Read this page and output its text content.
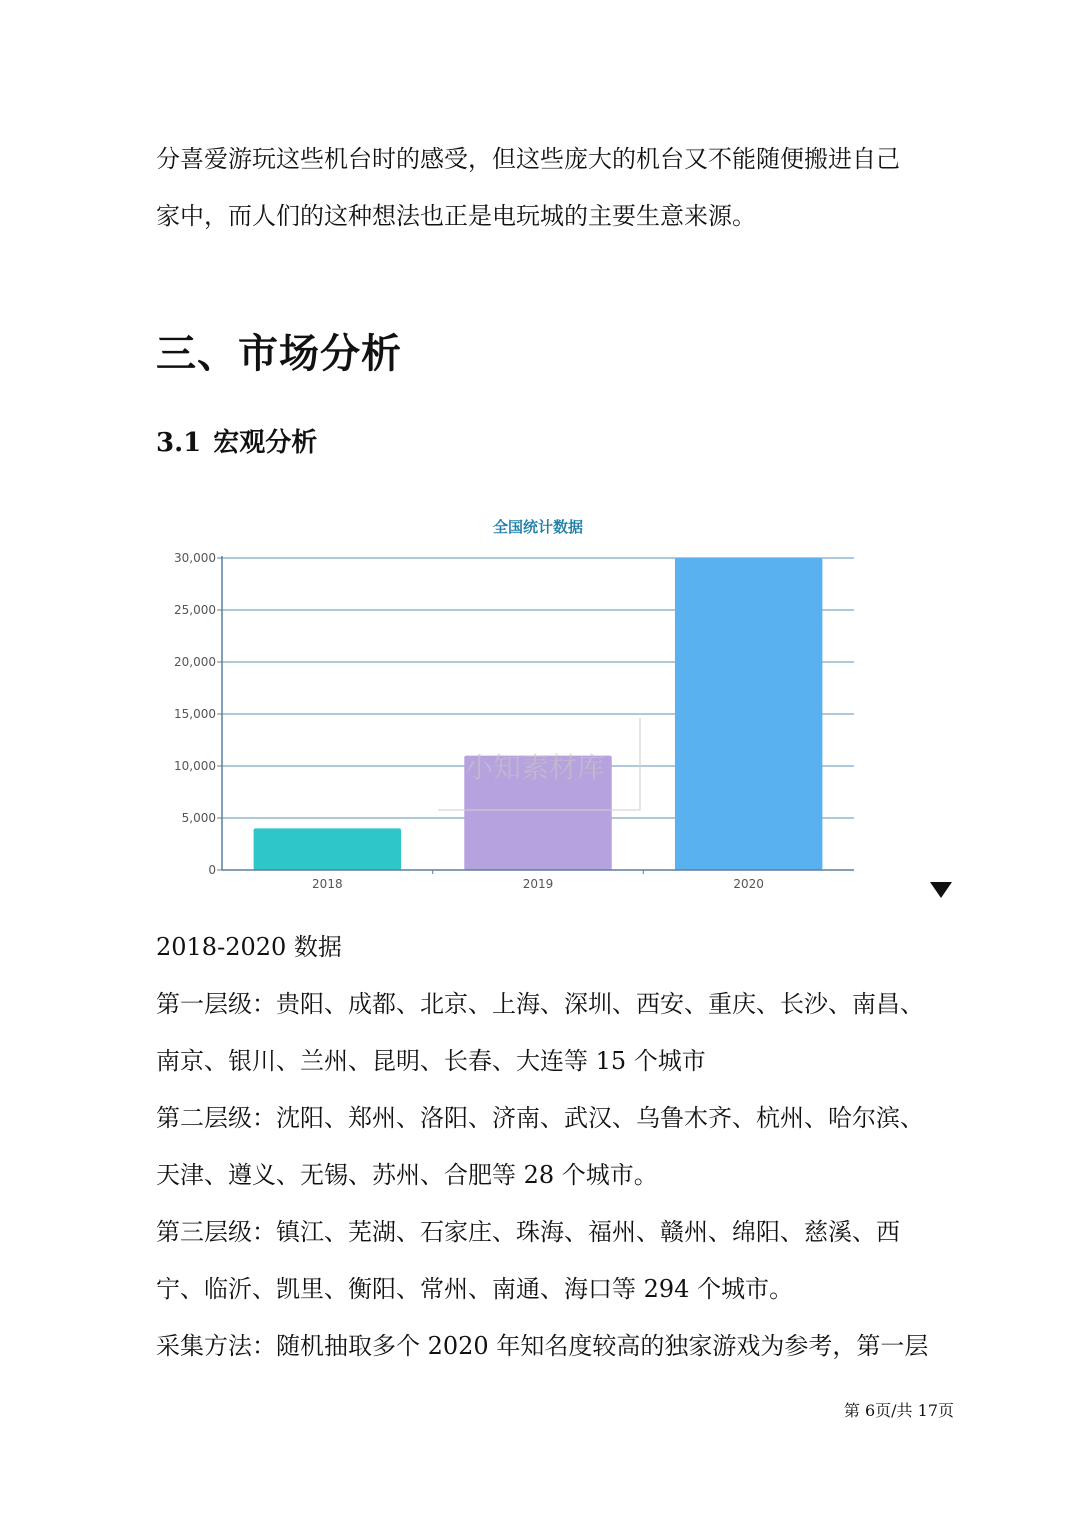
分喜爱游玩这些机台时的感受，但这些庞大的机台又不能随便搬进自己

家中，而人们的这种想法也正是电玩城的主要生意来源。

三、市场分析
3.1 宏观分析
全国统计数据
0
5,000
10,000
15,000
20,000
25,000
30,000
2018	2019	2020
小知素材库

2018-2020 数据

第一层级：贵阳、成都、北京、上海、深圳、西安、重庆、长沙、南昌、

南京、银川、兰州、昆明、长春、大连等 15 个城市

第二层级：沈阳、郑州、洛阳、济南、武汉、乌鲁木齐、杭州、哈尔滨、

天津、遵义、无锡、苏州、合肥等 28 个城市。

第三层级：镇江、芜湖、石家庄、珠海、福州、赣州、绵阳、慈溪、西

宁、临沂、凯里、衡阳、常州、南通、海口等 294 个城市。

采集方法：随机抽取多个 2020 年知名度较高的独家游戏为参考，第一层

第 6页/共 17页
